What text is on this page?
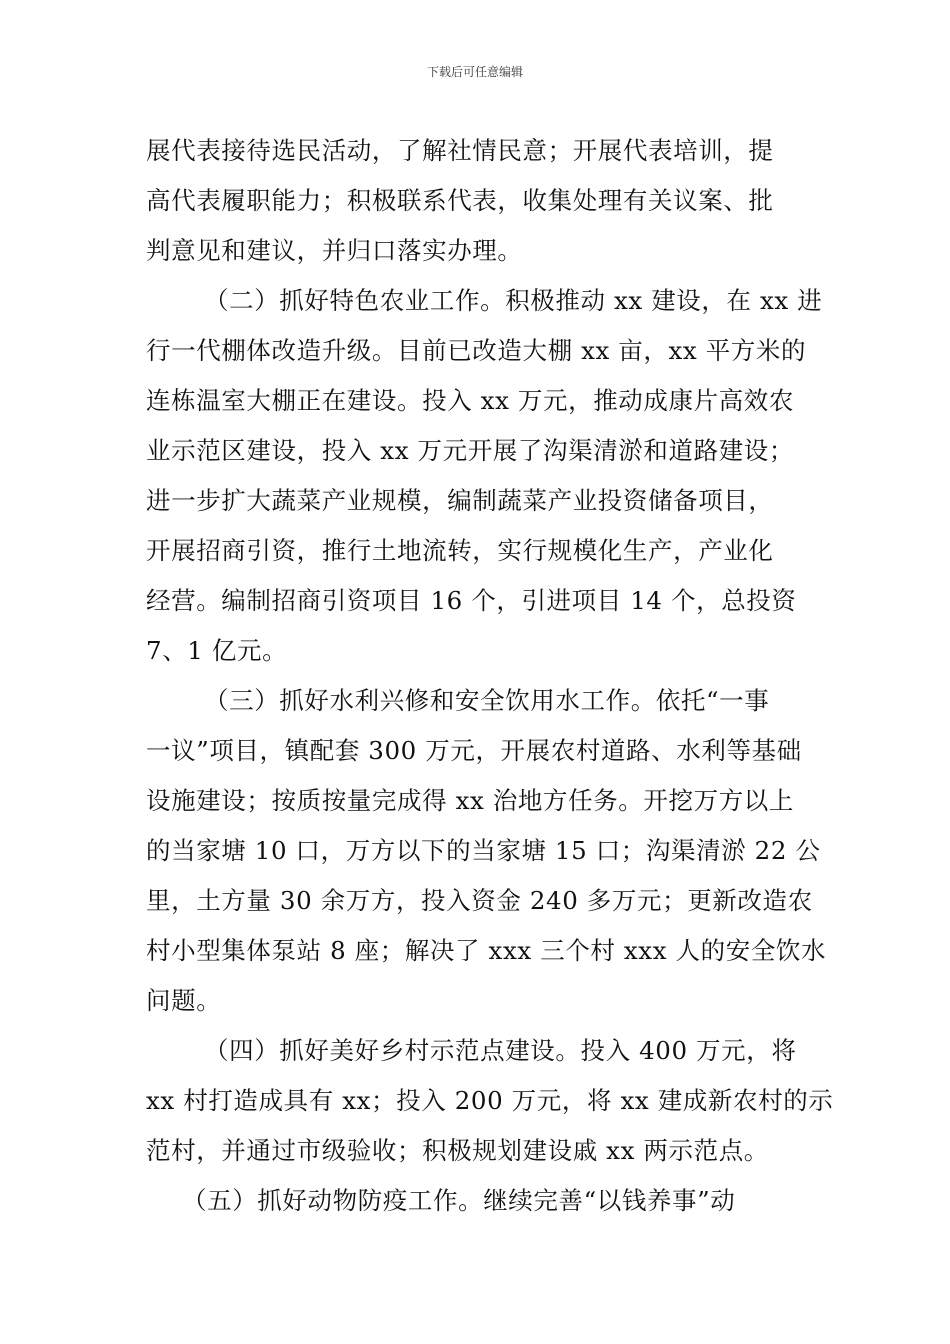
下载后可任意编辑
展代表接待选民活动，了解社情民意；开展代表培训，提
高代表履职能力；积极联系代表，收集处理有关议案、批
判意见和建议，并归口落实办理。
（二）抓好特色农业工作。积极推动 xx 建设，在 xx 进
行一代棚体改造升级。目前已改造大棚 xx 亩，xx 平方米的
连栋温室大棚正在建设。投入 xx 万元，推动成康片高效农
业示范区建设，投入 xx 万元开展了沟渠清淤和道路建设；
进一步扩大蔬菜产业规模，编制蔬菜产业投资储备项目，
开展招商引资，推行土地流转，实行规模化生产，产业化
经营。编制招商引资项目 16 个，引进项目 14 个，总投资
7、1 亿元。
（三）抓好水利兴修和安全饮用水工作。依托“一事
一议”项目，镇配套 300 万元，开展农村道路、水利等基础
设施建设；按质按量完成得 xx 治地方任务。开挖万方以上
的当家塘 10 口，万方以下的当家塘 15 口；沟渠清淤 22 公
里，土方量 30 余万方，投入资金 240 多万元；更新改造农
村小型集体泵站 8 座；解决了 xxx 三个村 xxx 人的安全饮水
问题。
（四）抓好美好乡村示范点建设。投入 400 万元，将
xx 村打造成具有 xx；投入 200 万元，将 xx 建成新农村的示
范村，并通过市级验收；积极规划建设戚 xx 两示范点。
（五）抓好动物防疫工作。继续完善“以钱养事”动
